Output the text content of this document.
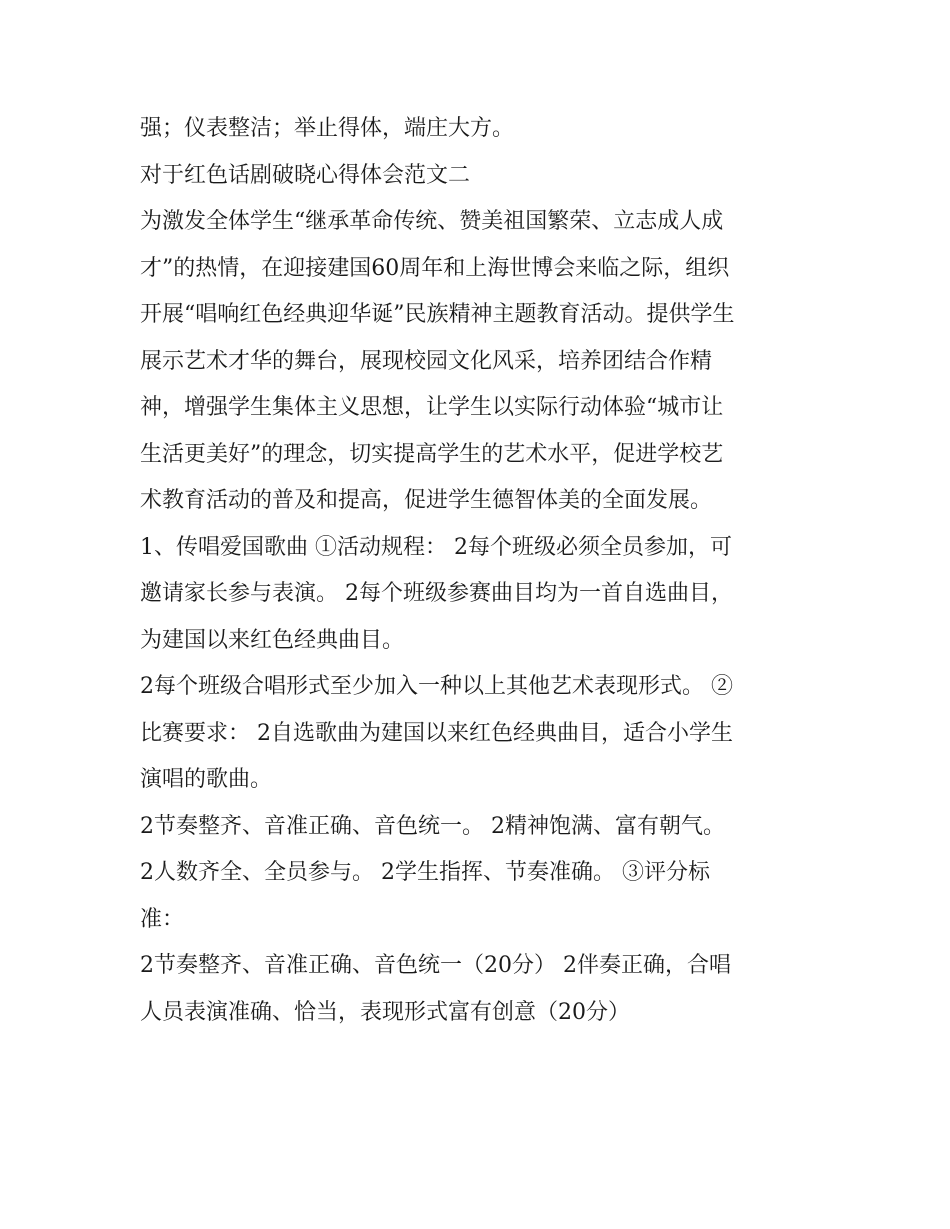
强；仪表整洁；举止得体，端庄大方。
对于红色话剧破晓心得体会范文二
为激发全体学生“继承革命传统、赞美祖国繁荣、立志成人成
才”的热情，在迎接建国60周年和上海世博会来临之际，组织
开展“唱响红色经典迎华诞”民族精神主题教育活动。提供学生
展示艺术才华的舞台，展现校园文化风采，培养团结合作精
神，增强学生集体主义思想，让学生以实际行动体验“城市让
生活更美好”的理念，切实提高学生的艺术水平，促进学校艺
术教育活动的普及和提高，促进学生德智体美的全面发展。
1、传唱爱国歌曲 ①活动规程： 2每个班级必须全员参加，可
邀请家长参与表演。 2每个班级参赛曲目均为一首自选曲目，
为建国以来红色经典曲目。
2每个班级合唱形式至少加入一种以上其他艺术表现形式。 ②
比赛要求： 2自选歌曲为建国以来红色经典曲目，适合小学生
演唱的歌曲。
2节奏整齐、音准正确、音色统一。 2精神饱满、富有朝气。
2人数齐全、全员参与。 2学生指挥、节奏准确。 ③评分标
准：
2节奏整齐、音准正确、音色统一（20分） 2伴奏正确，合唱
人员表演准确、恰当，表现形式富有创意（20分）
